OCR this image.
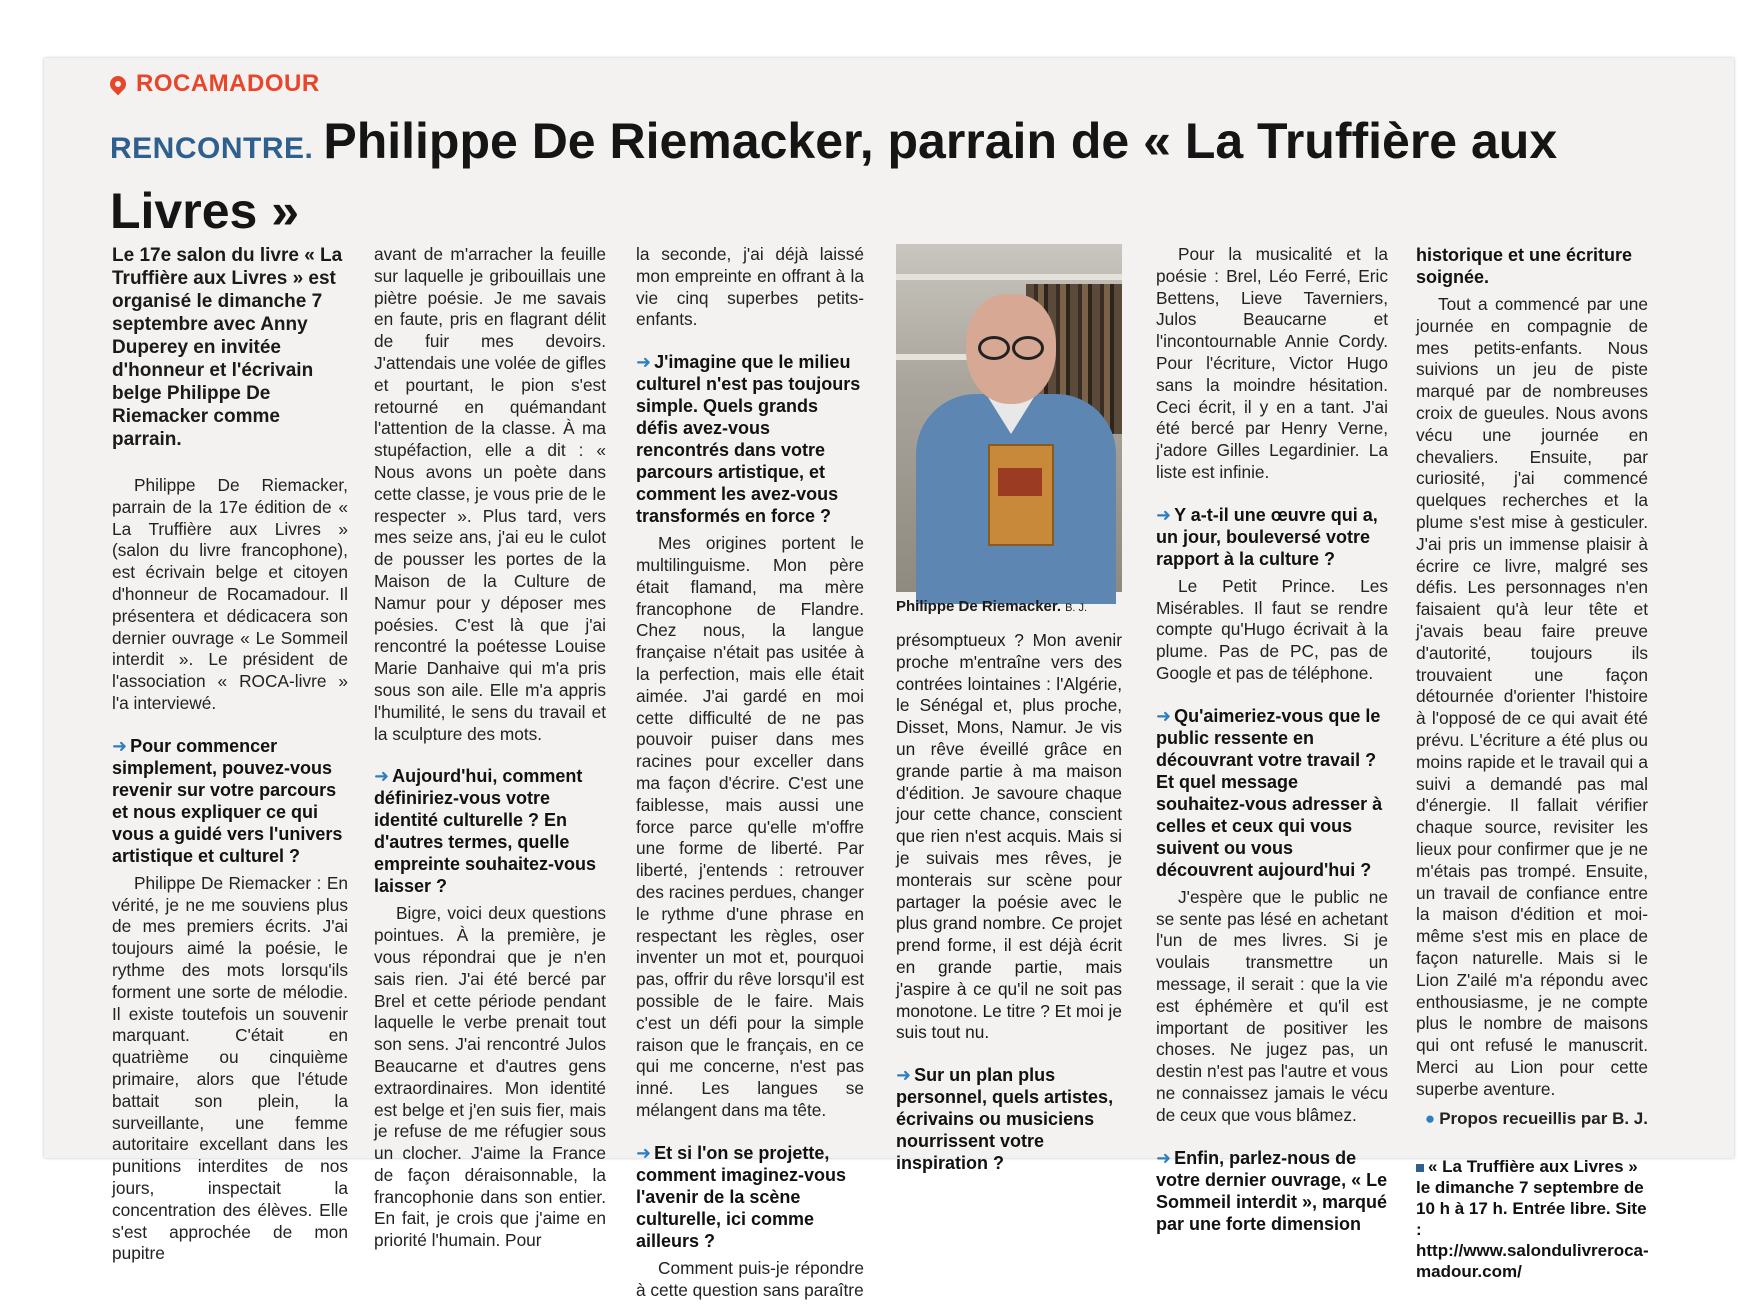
ROCAMADOUR
RENCONTRE. Philippe De Riemacker, parrain de « La Truffière aux Livres »
Le 17e salon du livre « La Truffière aux Livres » est organisé le dimanche 7 septembre avec Anny Duperey en invitée d'honneur et l'écrivain belge Philippe De Riemacker comme parrain.

Philippe De Riemacker, parrain de la 17e édition de « La Truffière aux Livres » (salon du livre francophone), est écrivain belge et citoyen d'honneur de Rocamadour. Il présentera et dédicacera son dernier ouvrage « Le Sommeil interdit ». Le président de l'association « ROCA-livre » l'a interviewé.

➜ Pour commencer simplement, pouvez-vous revenir sur votre parcours et nous expliquer ce qui vous a guidé vers l'univers artistique et culturel ?

Philippe De Riemacker : En vérité, je ne me souviens plus de mes premiers écrits. J'ai toujours aimé la poésie, le rythme des mots lorsqu'ils forment une sorte de mélodie. Il existe toutefois un souvenir marquant. C'était en quatrième ou cinquième primaire, alors que l'étude battait son plein, la surveillante, une femme autoritaire excellant dans les punitions interdites de nos jours, inspectait la concentration des élèves. Elle s'est approchée de mon pupitre

avant de m'arracher la feuille sur laquelle je gribouillais une piètre poésie. Je me savais en faute, pris en flagrant délit de fuir mes devoirs. J'attendais une volée de gifles et pourtant, le pion s'est retourné en quémandant l'attention de la classe. À ma stupéfaction, elle a dit : « Nous avons un poète dans cette classe, je vous prie de le respecter ». Plus tard, vers mes seize ans, j'ai eu le culot de pousser les portes de la Maison de la Culture de Namur pour y déposer mes poésies. C'est là que j'ai rencontré la poétesse Louise Marie Danhaive qui m'a pris sous son aile. Elle m'a appris l'humilité, le sens du travail et la sculpture des mots.

➜ Aujourd'hui, comment définiriez-vous votre identité culturelle ? En d'autres termes, quelle empreinte souhaitez-vous laisser ?

Bigre, voici deux questions pointues. À la première, je vous répondrai que je n'en sais rien. J'ai été bercé par Brel et cette période pendant laquelle le verbe prenait tout son sens. J'ai rencontré Julos Beaucarne et d'autres gens extraordinaires. Mon identité est belge et j'en suis fier, mais je refuse de me réfugier sous un clocher. J'aime la France de façon déraisonnable, la francophonie dans son entier. En fait, je crois que j'aime en priorité l'humain. Pour

la seconde, j'ai déjà laissé mon empreinte en offrant à la vie cinq superbes petits-enfants.

➜ J'imagine que le milieu culturel n'est pas toujours simple. Quels grands défis avez-vous rencontrés dans votre parcours artistique, et comment les avez-vous transformés en force ?

Mes origines portent le multilinguisme. Mon père était flamand, ma mère francophone de Flandre. Chez nous, la langue française n'était pas usitée à la perfection, mais elle était aimée. J'ai gardé en moi cette difficulté de ne pas pouvoir puiser dans mes racines pour exceller dans ma façon d'écrire. C'est une faiblesse, mais aussi une force parce qu'elle m'offre une forme de liberté. Par liberté, j'entends : retrouver des racines perdues, changer le rythme d'une phrase en respectant les règles, oser inventer un mot et, pourquoi pas, offrir du rêve lorsqu'il est possible de le faire. Mais c'est un défi pour la simple raison que le français, en ce qui me concerne, n'est pas inné. Les langues se mélangent dans ma tête.

➜ Et si l'on se projette, comment imaginez-vous l'avenir de la scène culturelle, ici comme ailleurs ?

Comment puis-je répondre à cette question sans paraître

Philippe De Riemacker. B. J.

présomptueux ? Mon avenir proche m'entraîne vers des contrées lointaines : l'Algérie, le Sénégal et, plus proche, Disset, Mons, Namur. Je vis un rêve éveillé grâce en grande partie à ma maison d'édition. Je savoure chaque jour cette chance, conscient que rien n'est acquis. Mais si je suivais mes rêves, je monterais sur scène pour partager la poésie avec le plus grand nombre. Ce projet prend forme, il est déjà écrit en grande partie, mais j'aspire à ce qu'il ne soit pas monotone. Le titre ? Et moi je suis tout nu.

➜ Sur un plan plus personnel, quels artistes, écrivains ou musiciens nourrissent votre inspiration ?

Pour la musicalité et la poésie : Brel, Léo Ferré, Eric Bettens, Lieve Taverniers, Julos Beaucarne et l'incontournable Annie Cordy. Pour l'écriture, Victor Hugo sans la moindre hésitation. Ceci écrit, il y en a tant. J'ai été bercé par Henry Verne, j'adore Gilles Legardinier. La liste est infinie.

➜ Y a-t-il une œuvre qui a, un jour, bouleversé votre rapport à la culture ?

Le Petit Prince. Les Misérables. Il faut se rendre compte qu'Hugo écrivait à la plume. Pas de PC, pas de Google et pas de téléphone.

➜ Qu'aimeriez-vous que le public ressente en découvrant votre travail ? Et quel message souhaitez-vous adresser à celles et ceux qui vous suivent ou vous découvrent aujourd'hui ?

J'espère que le public ne se sente pas lésé en achetant l'un de mes livres. Si je voulais transmettre un message, il serait : que la vie est éphémère et qu'il est important de positiver les choses. Ne jugez pas, un destin n'est pas l'autre et vous ne connaissez jamais le vécu de ceux que vous blâmez.

➜ Enfin, parlez-nous de votre dernier ouvrage, « Le Sommeil interdit », marqué par une forte dimension
historique et une écriture soignée.

Tout a commencé par une journée en compagnie de mes petits-enfants. Nous suivions un jeu de piste marqué par de nombreuses croix de gueules. Nous avons vécu une journée en chevaliers. Ensuite, par curiosité, j'ai commencé quelques recherches et la plume s'est mise à gesticuler. J'ai pris un immense plaisir à écrire ce livre, malgré ses défis. Les personnages n'en faisaient qu'à leur tête et j'avais beau faire preuve d'autorité, toujours ils trouvaient une façon détournée d'orienter l'histoire à l'opposé de ce qui avait été prévu. L'écriture a été plus ou moins rapide et le travail qui a suivi a demandé pas mal d'énergie. Il fallait vérifier chaque source, revisiter les lieux pour confirmer que je ne m'étais pas trompé. Ensuite, un travail de confiance entre la maison d'édition et moi-même s'est mis en place de façon naturelle. Mais si le Lion Z'ailé m'a répondu avec enthousiasme, je ne compte plus le nombre de maisons qui ont refusé le manuscrit. Merci au Lion pour cette superbe aventure.

● Propos recueillis par B. J.
« La Truffière aux Livres » le dimanche 7 septembre de 10 h à 17 h. Entrée libre. Site : http://www.salondulivreroca-madour.com/
